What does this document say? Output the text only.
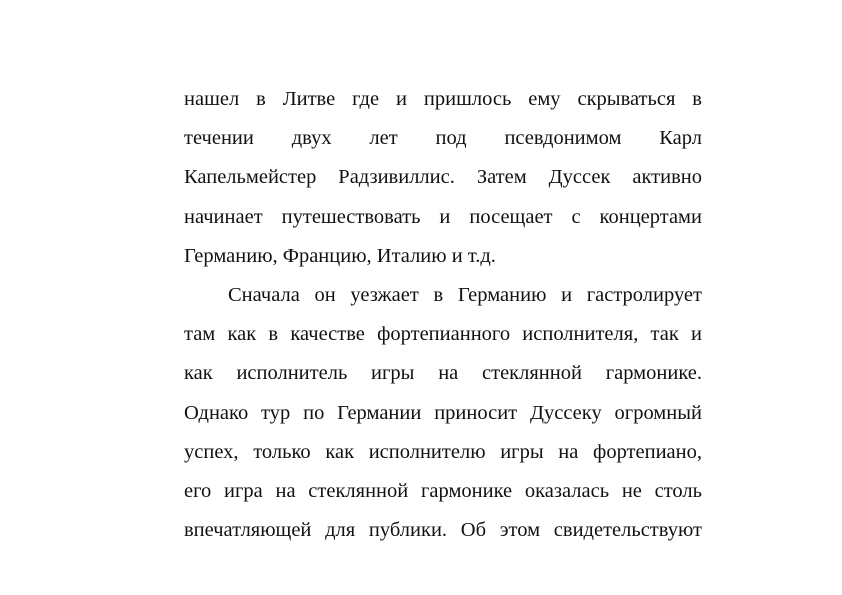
нашел в Литве где и пришлось ему скрываться в
течении двух лет под псевдонимом Карл
Капельмейстер Радзивиллис. Затем Дуссек активно
начинает путешествовать и посещает с концертами
Германию, Францию, Италию и т.д.
Сначала он уезжает в Германию и гастролирует
там как в качестве фортепианного исполнителя, так и
как исполнитель игры на стеклянной гармонике.
Однако тур по Германии приносит Дуссеку огромный
успех, только как исполнителю игры на фортепиано,
его игра на стеклянной гармонике оказалась не столь
впечатляющей для публики. Об этом свидетельствуют
